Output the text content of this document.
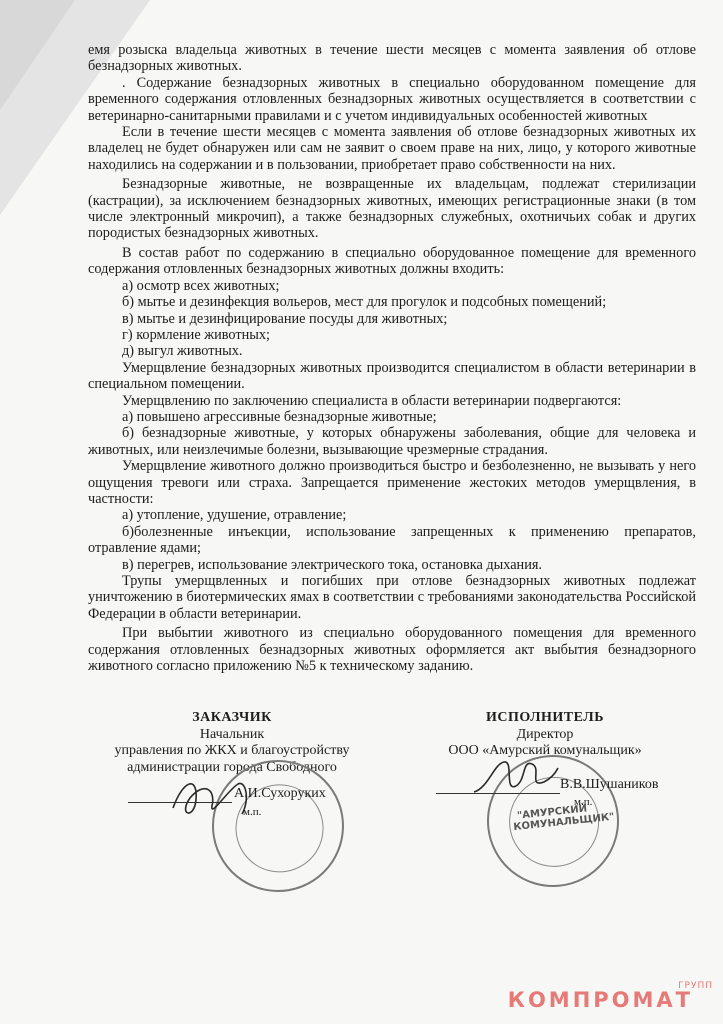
емя розыска владельца животных в течение шести месяцев с момента заявления об отлове безнадзорных животных.

. Содержание безнадзорных животных в специально оборудованном помещение для временного содержания отловленных безнадзорных животных осуществляется в соответствии с ветеринарно-санитарными правилами и с учетом индивидуальных особенностей животных

Если в течение шести месяцев с момента заявления об отлове безнадзорных животных их владелец не будет обнаружен или сам не заявит о своем праве на них, лицо, у которого животные находились на содержании и в пользовании, приобретает право собственности на них.

Безнадзорные животные, не возвращенные их владельцам, подлежат стерилизации (кастрации), за исключением безнадзорных животных, имеющих регистрационные знаки (в том числе электронный микрочип), а также безнадзорных служебных, охотничьих собак и других породистых безнадзорных животных.

В состав работ по содержанию в специально оборудованное помещение для временного содержания отловленных безнадзорных животных должны входить:

а) осмотр всех животных;

б) мытье и дезинфекция вольеров, мест для прогулок и подсобных помещений;

в) мытье и дезинфицирование посуды для животных;

г) кормление животных;

д) выгул животных.

Умерщвление безнадзорных животных производится специалистом в области ветеринарии в специальном помещении.

Умерщвлению по заключению специалиста в области ветеринарии подвергаются:

а) повышено агрессивные безнадзорные животные;

б) безнадзорные животные, у которых обнаружены заболевания, общие для человека и животных, или неизлечимые болезни, вызывающие чрезмерные страдания.

Умерщвление животного должно производиться быстро и безболезненно, не вызывать у него ощущения тревоги или страха. Запрещается применение жестоких методов умерщвления, в частности:

а) утопление, удушение, отравление;

б)болезненные инъекции, использование запрещенных к применению препаратов, отравление ядами;

в) перегрев, использование электрического тока, остановка дыхания.

Трупы умерщвленных и погибших при отлове безнадзорных животных подлежат уничтожению в биотермических ямах в соответствии с требованиями законодательства Российской Федерации в области ветеринарии.

При выбытии животного из специально оборудованного помещения для временного содержания отловленных безнадзорных животных оформляется акт выбытия безнадзорного животного согласно приложению №5 к техническому заданию.

ЗАКАЗЧИК
Начальник
управления по ЖКХ и благоустройству
администрации города Свободного
А.И.Сухоруких
м.п.
ИСПОЛНИТЕЛЬ
Директор
ООО «Амурский комунальщик»
"АМУРСКИЙ КОМУНАЛЬЩИК"
В.В.Шушаников
м.п.
ГРУПП
КОМПРОМАТ
